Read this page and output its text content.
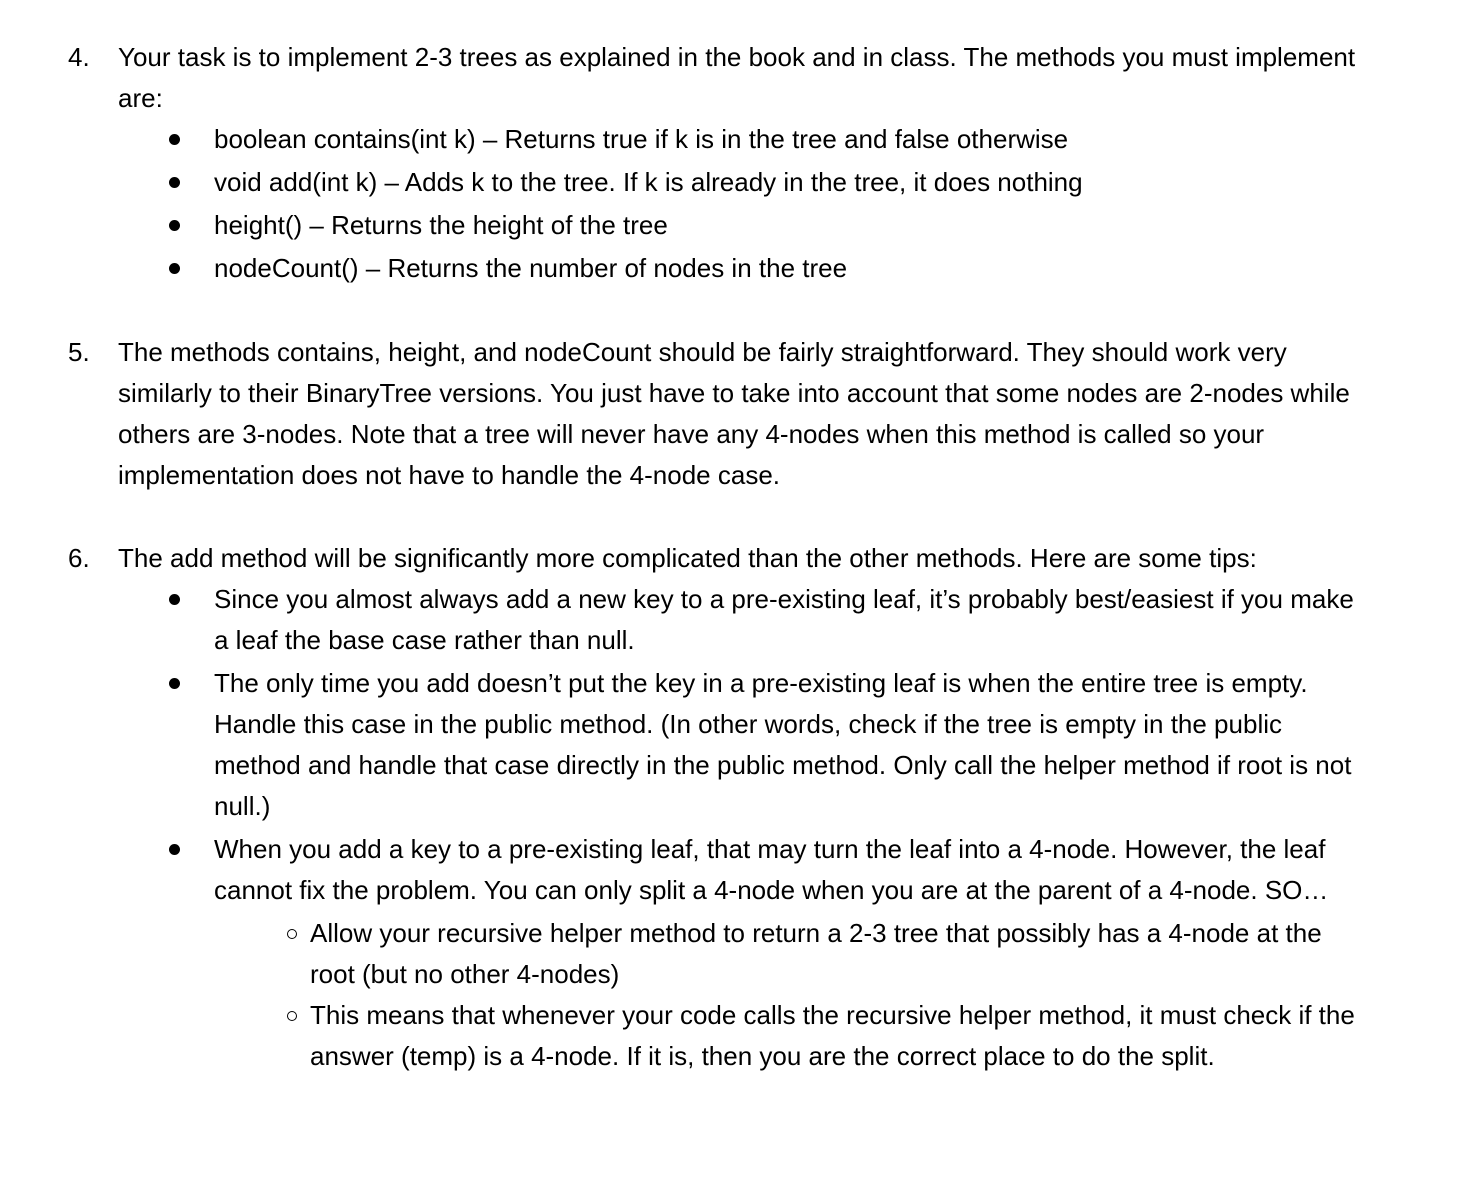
4. Your task is to implement 2-3 trees as explained in the book and in class. The methods you must implement are:
boolean contains(int k) – Returns true if k is in the tree and false otherwise
void add(int k) – Adds k to the tree. If k is already in the tree, it does nothing
height() – Returns the height of the tree
nodeCount() – Returns the number of nodes in the tree
5. The methods contains, height, and nodeCount should be fairly straightforward. They should work very similarly to their BinaryTree versions. You just have to take into account that some nodes are 2-nodes while others are 3-nodes. Note that a tree will never have any 4-nodes when this method is called so your implementation does not have to handle the 4-node case.
6. The add method will be significantly more complicated than the other methods. Here are some tips:
Since you almost always add a new key to a pre-existing leaf, it’s probably best/easiest if you make a leaf the base case rather than null.
The only time you add doesn’t put the key in a pre-existing leaf is when the entire tree is empty. Handle this case in the public method. (In other words, check if the tree is empty in the public method and handle that case directly in the public method. Only call the helper method if root is not null.)
When you add a key to a pre-existing leaf, that may turn the leaf into a 4-node. However, the leaf cannot fix the problem. You can only split a 4-node when you are at the parent of a 4-node. SO…
Allow your recursive helper method to return a 2-3 tree that possibly has a 4-node at the root (but no other 4-nodes)
This means that whenever your code calls the recursive helper method, it must check if the answer (temp) is a 4-node. If it is, then you are the correct place to do the split.
